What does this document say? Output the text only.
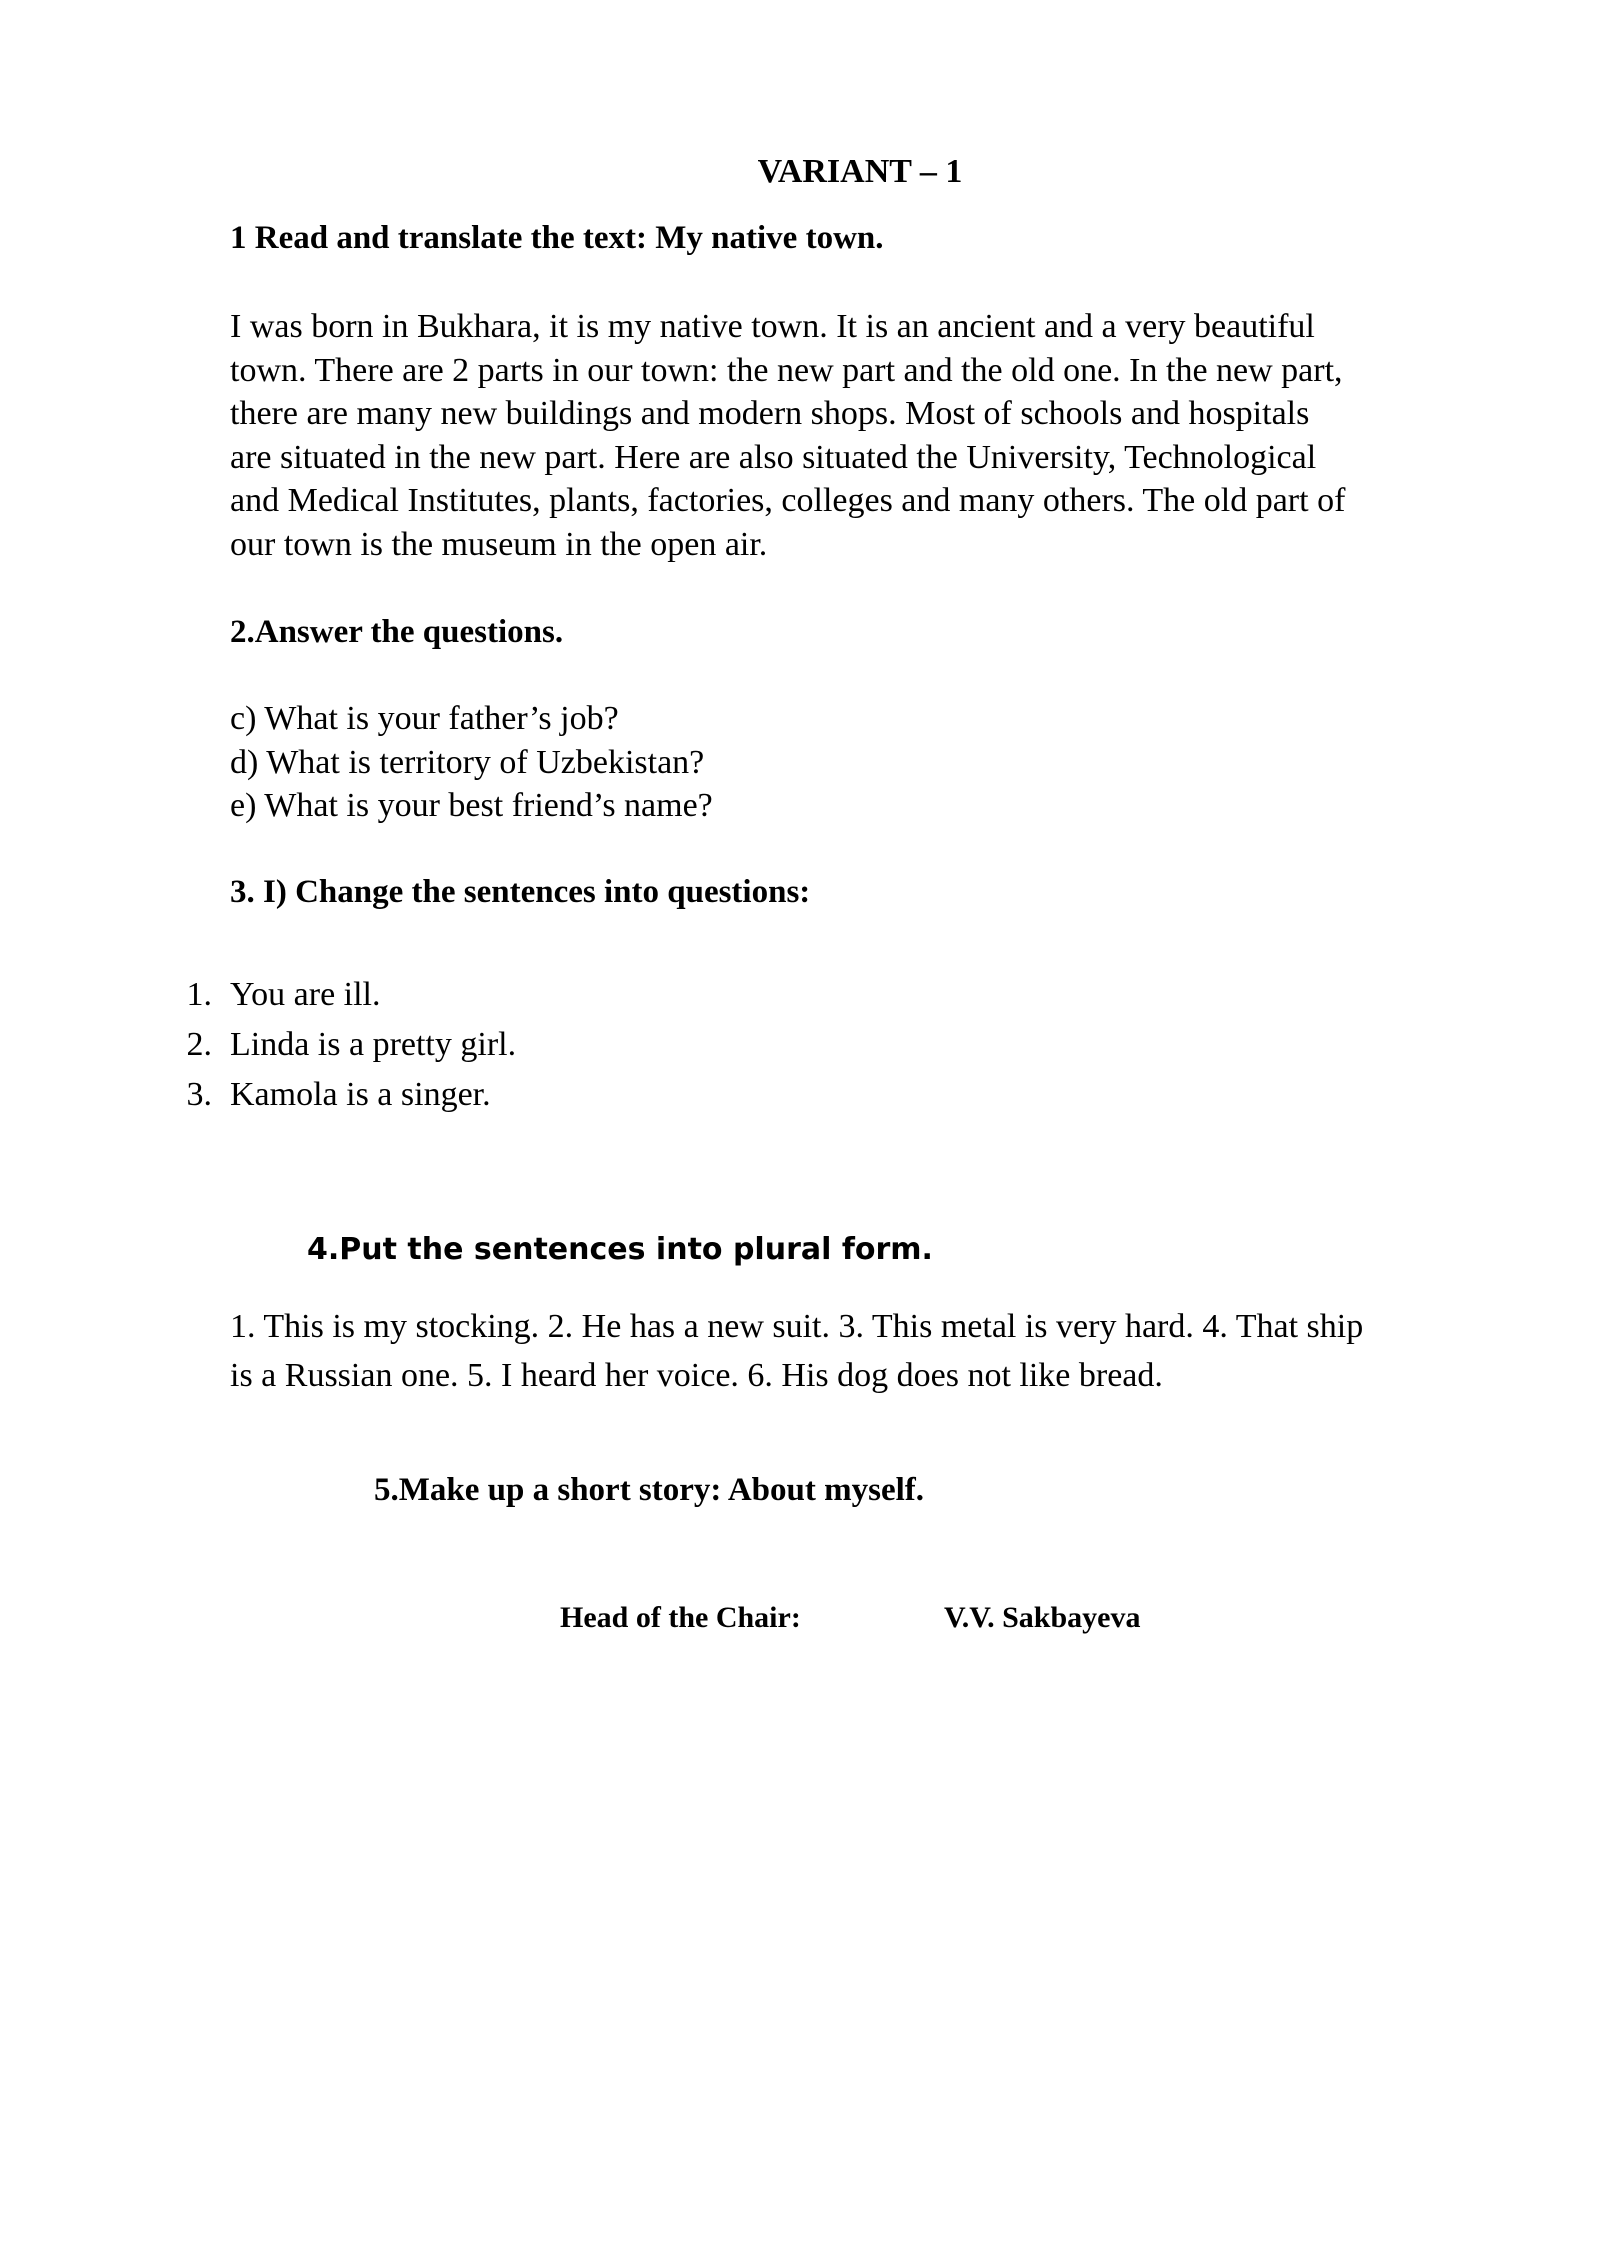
VARIANT – 1
1 Read and translate the text: My native town.
I was born in Bukhara, it is my native town. It is an ancient and a very beautiful
town. There are 2 parts in our town: the new part and the old one. In the new part,
there are many new buildings and modern shops. Most of schools and hospitals
are situated in the new part. Here are also situated the University, Technological
and Medical Institutes, plants, factories, colleges and many others. The old part of
our town is the museum in the open air.
2.Answer the questions.
c) What is your father’s job?
d) What is territory of Uzbekistan?
e) What is your best friend’s name?
3. I) Change the sentences into questions:
1. You are ill.
2. Linda is a pretty girl.
3. Kamola is a singer.
4.Put the sentences into plural form.
1. This is my stocking. 2. He has a new suit. 3. This metal is very hard. 4. That ship
is a Russian one. 5. I heard her voice. 6. His dog does not like bread.
5.Make up a short story: About myself.
Head of the Chair:	V.V. Sakbayeva
